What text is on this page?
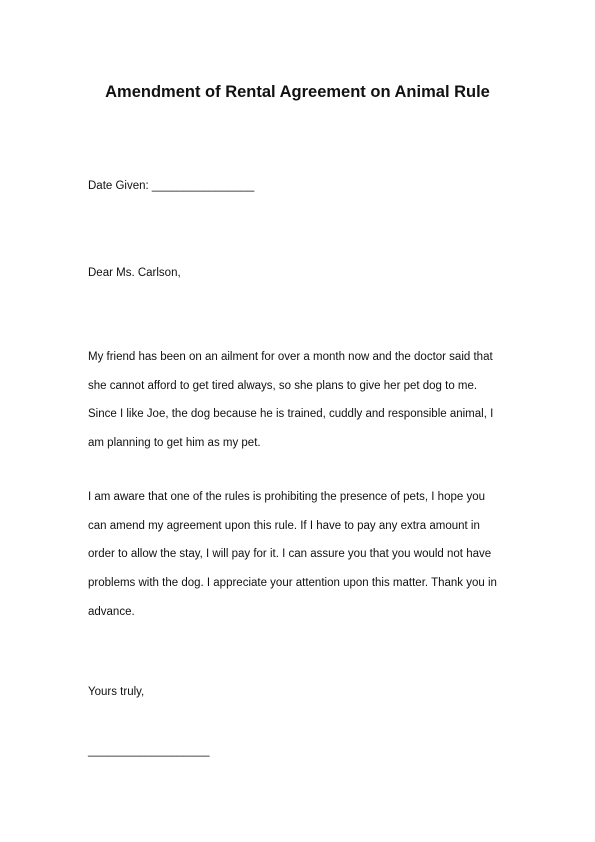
Amendment of Rental Agreement on Animal Rule

Date Given: ________________

Dear Ms. Carlson,

My friend has been on an ailment for over a month now and the doctor said that
she cannot afford to get tired always, so she plans to give her pet dog to me.
Since I like Joe, the dog because he is trained, cuddly and responsible animal, I
am planning to get him as my pet.

I am aware that one of the rules is prohibiting the presence of pets, I hope you
can amend my agreement upon this rule. If I have to pay any extra amount in
order to allow the stay, I will pay for it. I can assure you that you would not have
problems with the dog. I appreciate your attention upon this matter. Thank you in
advance.

Yours truly,

___________________
